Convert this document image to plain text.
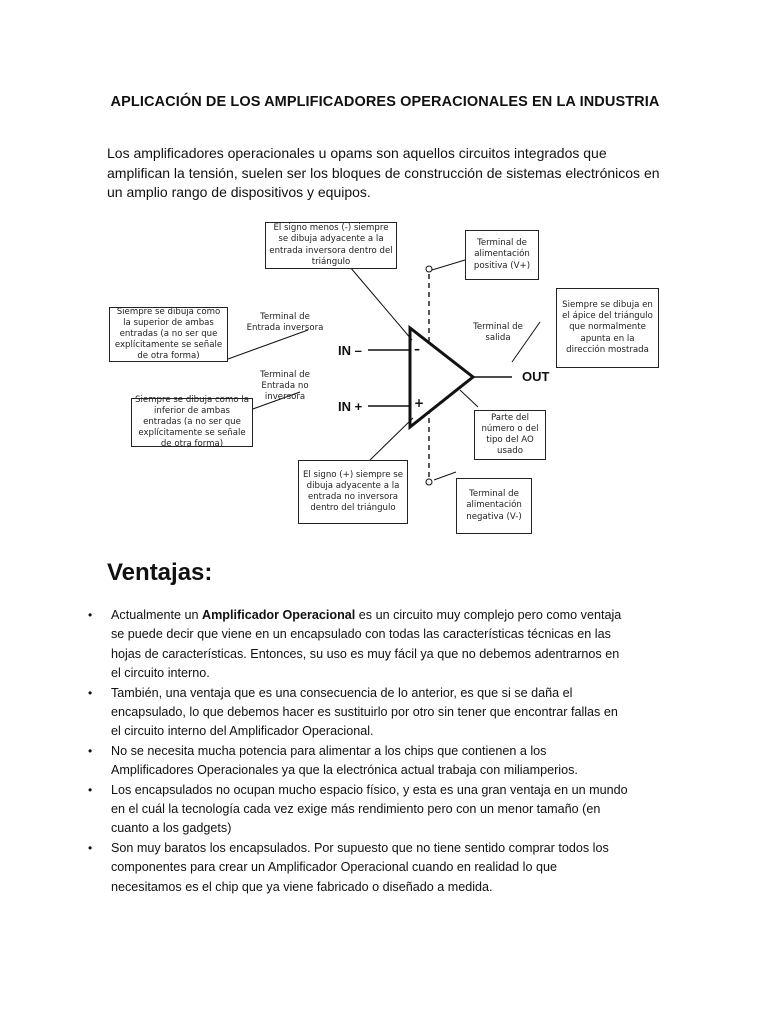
APLICACIÓN DE LOS AMPLIFICADORES OPERACIONALES EN LA INDUSTRIA
Los amplificadores operacionales u opams son aquellos circuitos integrados que amplifican la tensión, suelen ser los bloques de construcción de sistemas electrónicos en un amplio rango de dispositivos y equipos.
El signo menos (-) siempre se dibuja adyacente a la entrada inversora dentro del triángulo
Terminal de alimentación positiva (V+)
Siempre se dibuja como la superior de ambas entradas (a no ser que explícitamente se señale de otra forma)
Siempre se dibuja en el ápice del triángulo que normalmente apunta en la dirección mostrada
Siempre se dibuja como la inferior de ambas entradas (a no ser que explícitamente se señale de otra forma)
Parte del número o del tipo del AO usado
El signo (+) siempre se dibuja adyacente a la entrada no inversora dentro del triángulo
Terminal de alimentación negativa (V-)
Terminal de Entrada inversora
Terminal de Entrada no inversora
Terminal de salida
IN –
IN +
OUT
–
+
Ventajas:
• Actualmente un Amplificador Operacional es un circuito muy complejo pero como ventaja se puede decir que viene en un encapsulado con todas las características técnicas en las hojas de características. Entonces, su uso es muy fácil ya que no debemos adentrarnos en el circuito interno.
• También, una ventaja que es una consecuencia de lo anterior, es que si se daña el encapsulado, lo que debemos hacer es sustituirlo por otro sin tener que encontrar fallas en el circuito interno del Amplificador Operacional.
• No se necesita mucha potencia para alimentar a los chips que contienen a los Amplificadores Operacionales ya que la electrónica actual trabaja con miliamperios.
• Los encapsulados no ocupan mucho espacio físico, y esta es una gran ventaja en un mundo en el cuál la tecnología cada vez exige más rendimiento pero con un menor tamaño (en cuanto a los gadgets)
• Son muy baratos los encapsulados. Por supuesto que no tiene sentido comprar todos los componentes para crear un Amplificador Operacional cuando en realidad lo que necesitamos es el chip que ya viene fabricado o diseñado a medida.
